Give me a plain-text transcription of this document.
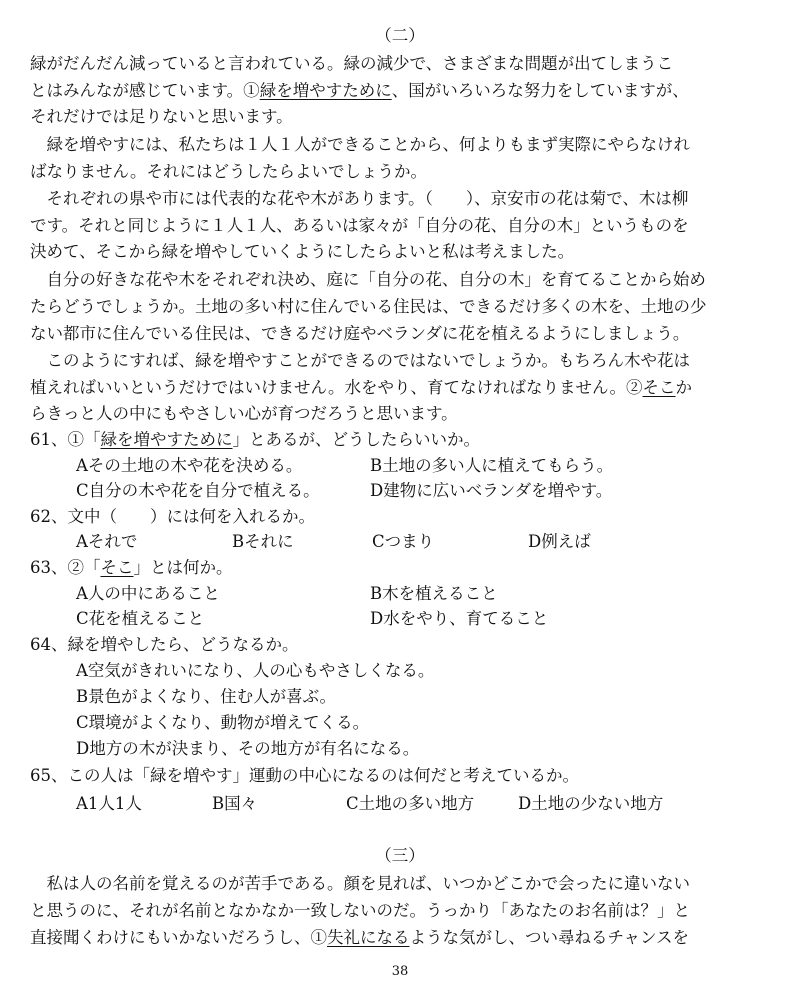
（二）
緑がだんだん減っていると言われている。緑の減少で、さまざまな問題が出てしまうこ
とはみんなが感じています。①緑を増やすために、国がいろいろな努力をしていますが、
それだけでは足りないと思います。
　緑を増やすには、私たちは１人１人ができることから、何よりもまず実際にやらなけれ
ばなりません。それにはどうしたらよいでしょうか。
　それぞれの県や市には代表的な花や木があります。（　　）、京安市の花は菊で、木は柳
です。それと同じように１人１人、あるいは家々が「自分の花、自分の木」というものを
決めて、そこから緑を増やしていくようにしたらよいと私は考えました。
　自分の好きな花や木をそれぞれ決め、庭に「自分の花、自分の木」を育てることから始め
たらどうでしょうか。土地の多い村に住んでいる住民は、できるだけ多くの木を、土地の少
ない都市に住んでいる住民は、できるだけ庭やベランダに花を植えるようにしましょう。
　このようにすれば、緑を増やすことができるのではないでしょうか。もちろん木や花は
植えればいいというだけではいけません。水をやり、育てなければなりません。②そこか
らきっと人の中にもやさしい心が育つだろうと思います。
61、①「緑を増やすために」とあるが、どうしたらいいか。
Aその土地の木や花を決める。	B土地の多い人に植えてもらう。
C自分の木や花を自分で植える。	D建物に広いベランダを増やす。
62、文中（　　）には何を入れるか。
Aそれで	Bそれに	Cつまり	D例えば
63、②「そこ」とは何か。
A人の中にあること	B木を植えること
C花を植えること	D水をやり、育てること
64、緑を増やしたら、どうなるか。
A空気がきれいになり、人の心もやさしくなる。
B景色がよくなり、住む人が喜ぶ。
C環境がよくなり、動物が増えてくる。
D地方の木が決まり、その地方が有名になる。
65、この人は「緑を増やす」運動の中心になるのは何だと考えているか。
A1人1人	B国々	C土地の多い地方	D土地の少ない地方
（三）
　私は人の名前を覚えるのが苦手である。顔を見れば、いつかどこかで会ったに違いない
と思うのに、それが名前となかなか一致しないのだ。うっかり「あなたのお名前は？」と
直接聞くわけにもいかないだろうし、①失礼になるような気がし、つい尋ねるチャンスを
38
